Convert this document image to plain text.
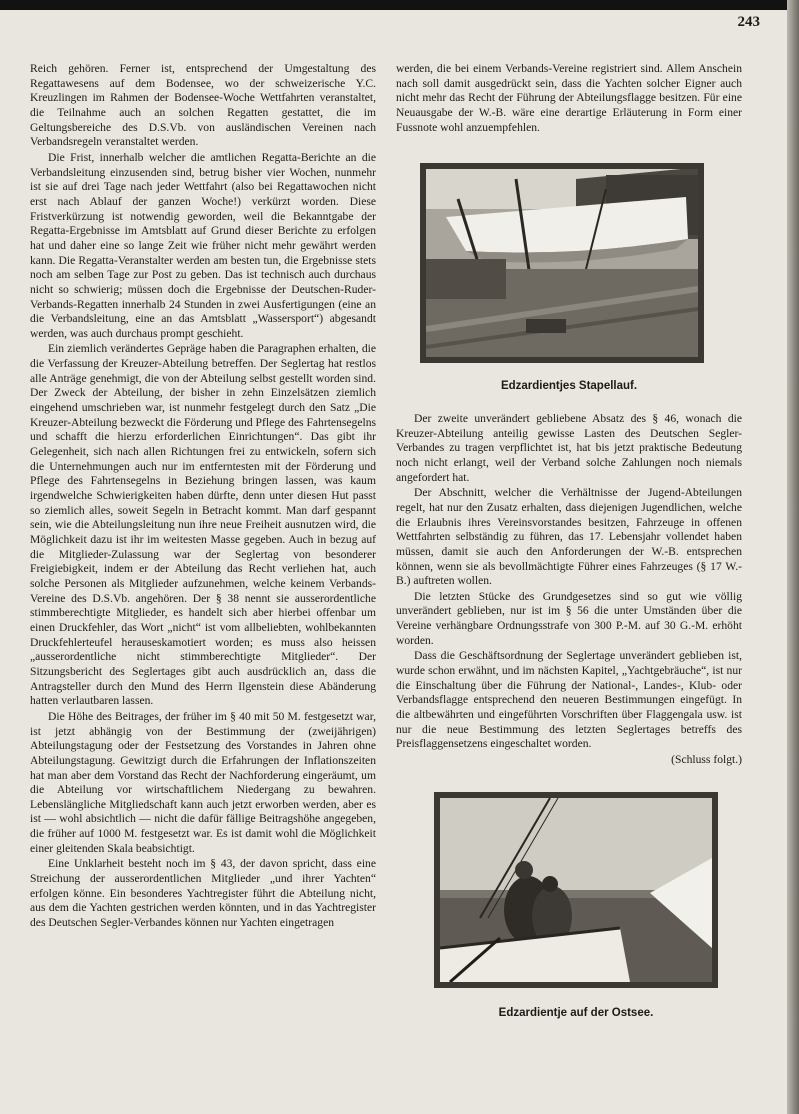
243

Reich gehören. Ferner ist, entsprechend der Umgestaltung des Regattawesens auf dem Bodensee, wo der schweizerische Y.C. Kreuzlingen im Rahmen der Bodensee-Woche Wettfahrten veranstaltet, die Teilnahme auch an solchen Regatten gestattet, die im Geltungsbereiche des D.S.Vb. von ausländischen Vereinen nach Verbandsregeln veranstaltet werden.

Die Frist, innerhalb welcher die amtlichen Regatta-Berichte an die Verbandsleitung einzusenden sind, betrug bisher vier Wochen, nunmehr ist sie auf drei Tage nach jeder Wettfahrt (also bei Regattawochen nicht erst nach Ablauf der ganzen Woche!) verkürzt worden. Diese Fristverkürzung ist notwendig geworden, weil die Bekanntgabe der Regatta-Ergebnisse im Amtsblatt auf Grund dieser Berichte zu erfolgen hat und daher eine so lange Zeit wie früher nicht mehr gewährt werden kann. Die Regatta-Veranstalter werden am besten tun, die Ergebnisse stets noch am selben Tage zur Post zu geben. Das ist technisch auch durchaus nicht so schwierig; müssen doch die Ergebnisse der Deutschen-Ruder-Verbands-Regatten innerhalb 24 Stunden in zwei Ausfertigungen (eine an die Verbandsleitung, eine an das Amtsblatt „Wassersport“) abgesandt werden, was auch durchaus prompt geschieht.

Ein ziemlich verändertes Gepräge haben die Paragraphen erhalten, die die Verfassung der Kreuzer-Abteilung betreffen. Der Seglertag hat restlos alle Anträge genehmigt, die von der Abteilung selbst gestellt worden sind. Der Zweck der Abteilung, der bisher in zehn Einzelsätzen ziemlich eingehend umschrieben war, ist nunmehr festgelegt durch den Satz „Die Kreuzer-Abteilung bezweckt die Förderung und Pflege des Fahrtensegelns und schafft die hierzu erforderlichen Einrichtungen“. Das gibt ihr Gelegenheit, sich nach allen Richtungen frei zu entwickeln, sofern sich die Unternehmungen auch nur im entferntesten mit der Förderung und Pflege des Fahrtensegelns in Beziehung bringen lassen, was kaum irgendwelche Schwierigkeiten haben dürfte, denn unter diesen Hut passt so ziemlich alles, soweit Segeln in Betracht kommt. Man darf gespannt sein, wie die Abteilungsleitung nun ihre neue Freiheit ausnutzen wird, die Möglichkeit dazu ist ihr im weitesten Masse gegeben. Auch in bezug auf die Mitglieder-Zulassung war der Seglertag von besonderer Freigiebigkeit, indem er der Abteilung das Recht verliehen hat, auch solche Personen als Mitglieder aufzunehmen, welche keinem Verbands-Vereine des D.S.Vb. angehören. Der § 38 nennt sie ausserordentliche stimmberechtigte Mitglieder, es handelt sich aber hierbei offenbar um einen Druckfehler, das Wort „nicht“ ist vom allbeliebten, wohlbekannten Druckfehlerteufel herauseskamotiert worden; es muss also heissen „ausserordentliche nicht stimmberechtigte Mitglieder“. Der Sitzungsbericht des Seglertages gibt auch ausdrücklich an, dass die Antragsteller durch den Mund des Herrn Ilgenstein diese Abänderung hatten verlautbaren lassen.

Die Höhe des Beitrages, der früher im § 40 mit 50 M. festgesetzt war, ist jetzt abhängig von der Bestimmung der (zweijährigen) Abteilungstagung oder der Festsetzung des Vorstandes in Jahren ohne Abteilungstagung. Gewitzigt durch die Erfahrungen der Inflationszeiten hat man aber dem Vorstand das Recht der Nachforderung eingeräumt, um die Abteilung vor wirtschaftlichem Niedergang zu bewahren. Lebenslängliche Mitgliedschaft kann auch jetzt erworben werden, aber es ist — wohl absichtlich — nicht die dafür fällige Beitragshöhe angegeben, die früher auf 1000 M. festgesetzt war. Es ist damit wohl die Möglichkeit einer gleitenden Skala beabsichtigt.

Eine Unklarheit besteht noch im § 43, der davon spricht, dass eine Streichung der ausserordentlichen Mitglieder „und ihrer Yachten“ erfolgen könne. Ein besonderes Yachtregister führt die Abteilung nicht, aus dem die Yachten gestrichen werden könnten, und in das Yachtregister des Deutschen Segler-Verbandes können nur Yachten eingetragen

werden, die bei einem Verbands-Vereine registriert sind. Allem Anschein nach soll damit ausgedrückt sein, dass die Yachten solcher Eigner auch nicht mehr das Recht der Führung der Abteilungsflagge besitzen. Für eine Neuausgabe der W.-B. wäre eine derartige Erläuterung in Form einer Fussnote wohl anzuempfehlen.

Edzardientjes Stapellauf.

Der zweite unverändert gebliebene Absatz des § 46, wonach die Kreuzer-Abteilung anteilig gewisse Lasten des Deutschen Segler-Verbandes zu tragen verpflichtet ist, hat bis jetzt praktische Bedeutung noch nicht erlangt, weil der Verband solche Zahlungen noch niemals angefordert hat.

Der Abschnitt, welcher die Verhältnisse der Jugend-Abteilungen regelt, hat nur den Zusatz erhalten, dass diejenigen Jugendlichen, welche die Erlaubnis ihres Vereinsvorstandes besitzen, Fahrzeuge in offenen Wettfahrten selbständig zu führen, das 17. Lebensjahr vollendet haben müssen, damit sie auch den Anforderungen der W.-B. entsprechen können, wenn sie als bevollmächtigte Führer eines Fahrzeuges (§ 17 W.-B.) auftreten wollen.

Die letzten Stücke des Grundgesetzes sind so gut wie völlig unverändert geblieben, nur ist im § 56 die unter Umständen über die Vereine verhängbare Ordnungsstrafe von 300 P.-M. auf 30 G.-M. erhöht worden.

Dass die Geschäftsordnung der Seglertage unverändert geblieben ist, wurde schon erwähnt, und im nächsten Kapitel, „Yachtgebräuche“, ist nur die Einschaltung über die Führung der National-, Landes-, Klub- oder Verbandsflagge entsprechend den neueren Bestimmungen eingefügt. In die altbewährten und eingeführten Vorschriften über Flaggengala usw. ist nur die neue Bestimmung des letzten Seglertages betreffs des Preisflaggensetzens eingeschaltet worden.

(Schluss folgt.)

Edzardientje auf der Ostsee.
